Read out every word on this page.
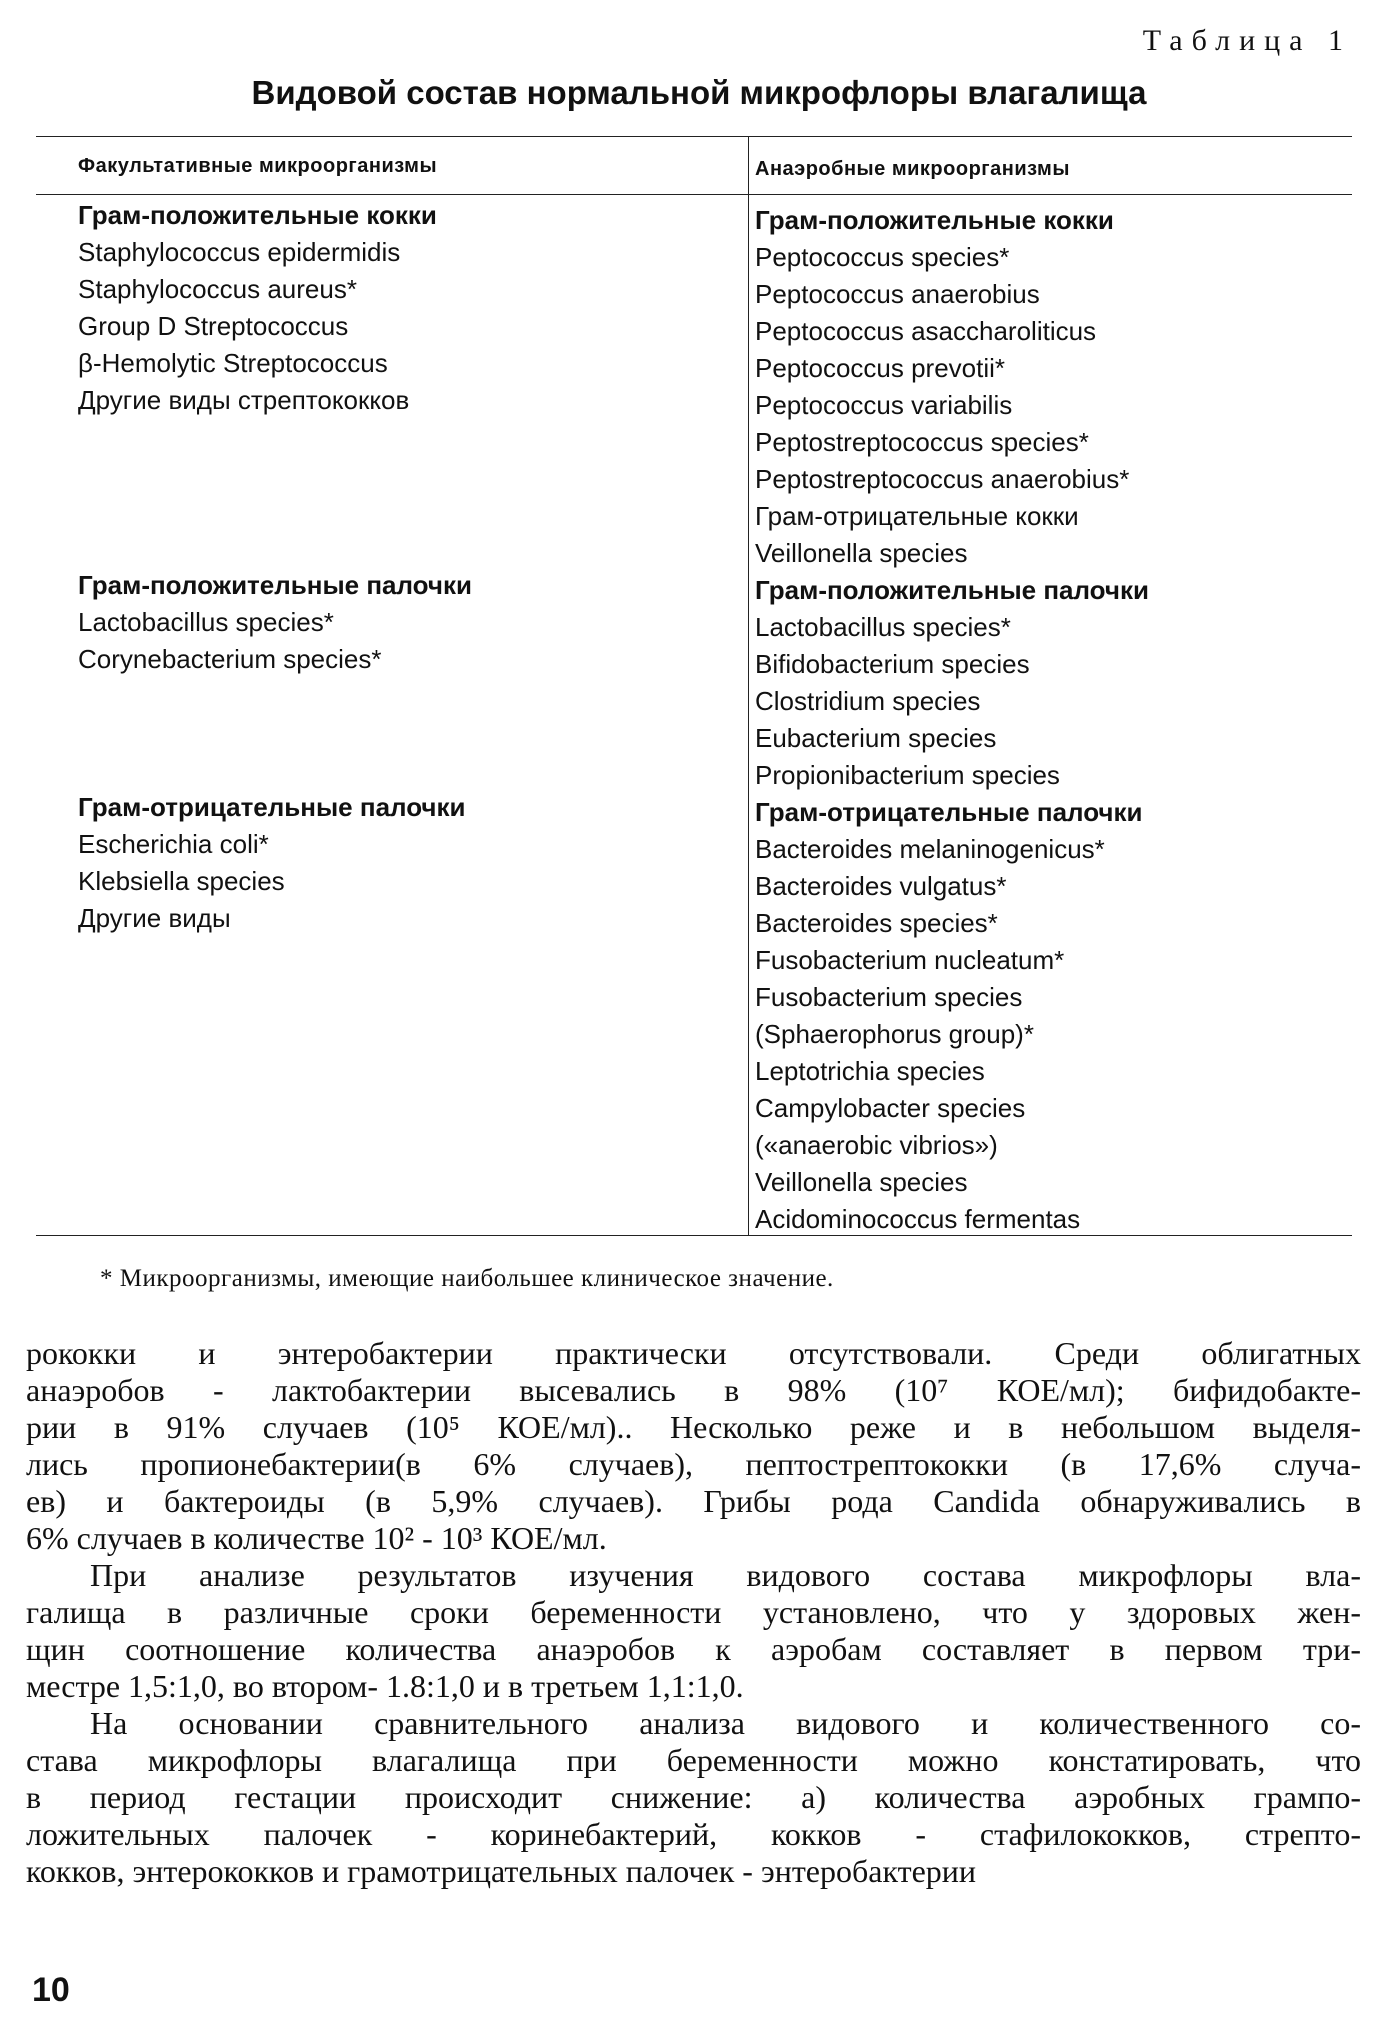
Таблица 1
Видовой состав нормальной микрофлоры влагалища
Факультативные микроорганизмы	Анаэробные микроорганизмы
Грам-положительные кокки
Staphylococcus epidermidis
Staphylococcus aureus*
Group D Streptococcus
β-Hemolytic Streptococcus
Другие виды стрептококков
Грам-положительные палочки
Lactobacillus species*
Corynebacterium species*
Грам-отрицательные палочки
Escherichia coli*
Klebsiella species
Другие виды
Грам-положительные кокки
Peptococcus species*
Peptococcus anaerobius
Peptococcus asaccharoliticus
Peptococcus prevotii*
Peptococcus variabilis
Peptostreptococcus species*
Peptostreptococcus anaerobius*
Грам-отрицательные кокки
Veillonella species
Грам-положительные палочки
Lactobacillus species*
Bifidobacterium species
Clostridium species
Eubacterium species
Propionibacterium species
Грам-отрицательные палочки
Bacteroides melaninogenicus*
Bacteroides vulgatus*
Bacteroides species*
Fusobacterium nucleatum*
Fusobacterium species
(Sphaerophorus group)*
Leptotrichia species
Campylobacter species
(«anaerobic vibrios»)
Veillonella species
Acidominococcus fermentas
* Микроорганизмы, имеющие наибольшее клиническое значение.
рококки и энтеробактерии практически отсутствовали. Среди облигатных
анаэробов - лактобактерии высевались в 98% (10⁷ КОЕ/мл); бифидобакте-
рии в 91% случаев (10⁵ КОЕ/мл).. Несколько реже и в небольшом выделя-
лись пропионебактерии(в 6% случаев), пептострептококки (в 17,6% случа-
ев) и бактероиды (в 5,9% случаев). Грибы рода Candida обнаруживались в
6% случаев в количестве 10² - 10³ КОЕ/мл.
При анализе результатов изучения видового состава микрофлоры вла-
галища в различные сроки беременности установлено, что у здоровых жен-
щин соотношение количества анаэробов к аэробам составляет в первом три-
местре 1,5:1,0, во втором- 1.8:1,0 и в третьем 1,1:1,0.
На основании сравнительного анализа видового и количественного со-
става микрофлоры влагалища при беременности можно констатировать, что
в период гестации происходит снижение: а) количества аэробных грампо-
ложительных палочек - коринебактерий, кокков - стафилококков, стрепто-
кокков, энтерококков и грамотрицательных палочек - энтеробактерии
10
